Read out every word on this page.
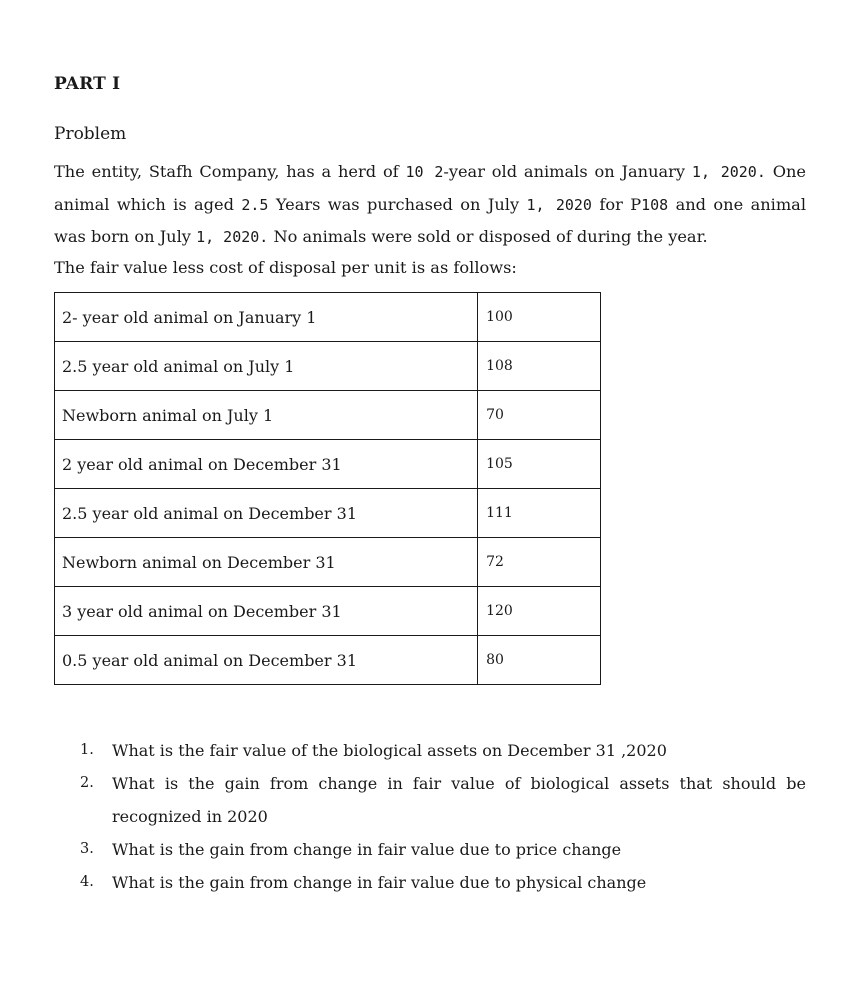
PART I
Problem
The entity, Stafh Company, has a herd of 10 2-year old animals on January 1, 2020. One animal which is aged 2.5 Years was purchased on July 1, 2020 for P108 and one animal was born on July 1, 2020. No animals were sold or disposed of during the year.
The fair value less cost of disposal per unit is as follows:
2- year old animal on January 1	100
2.5 year old animal on July 1	108
Newborn animal on July 1	70
2 year old animal on December 31	105
2.5 year old animal on December 31	111
Newborn animal on December 31	72
3 year old animal on December 31	120
0.5 year old animal on December 31	80
1. What is the fair value of the biological assets on December 31 ,2020
2. What is the gain from change in fair value of biological assets that should be recognized in 2020
3. What is the gain from change in fair value due to price change
4. What is the gain from change in fair value due to physical change
